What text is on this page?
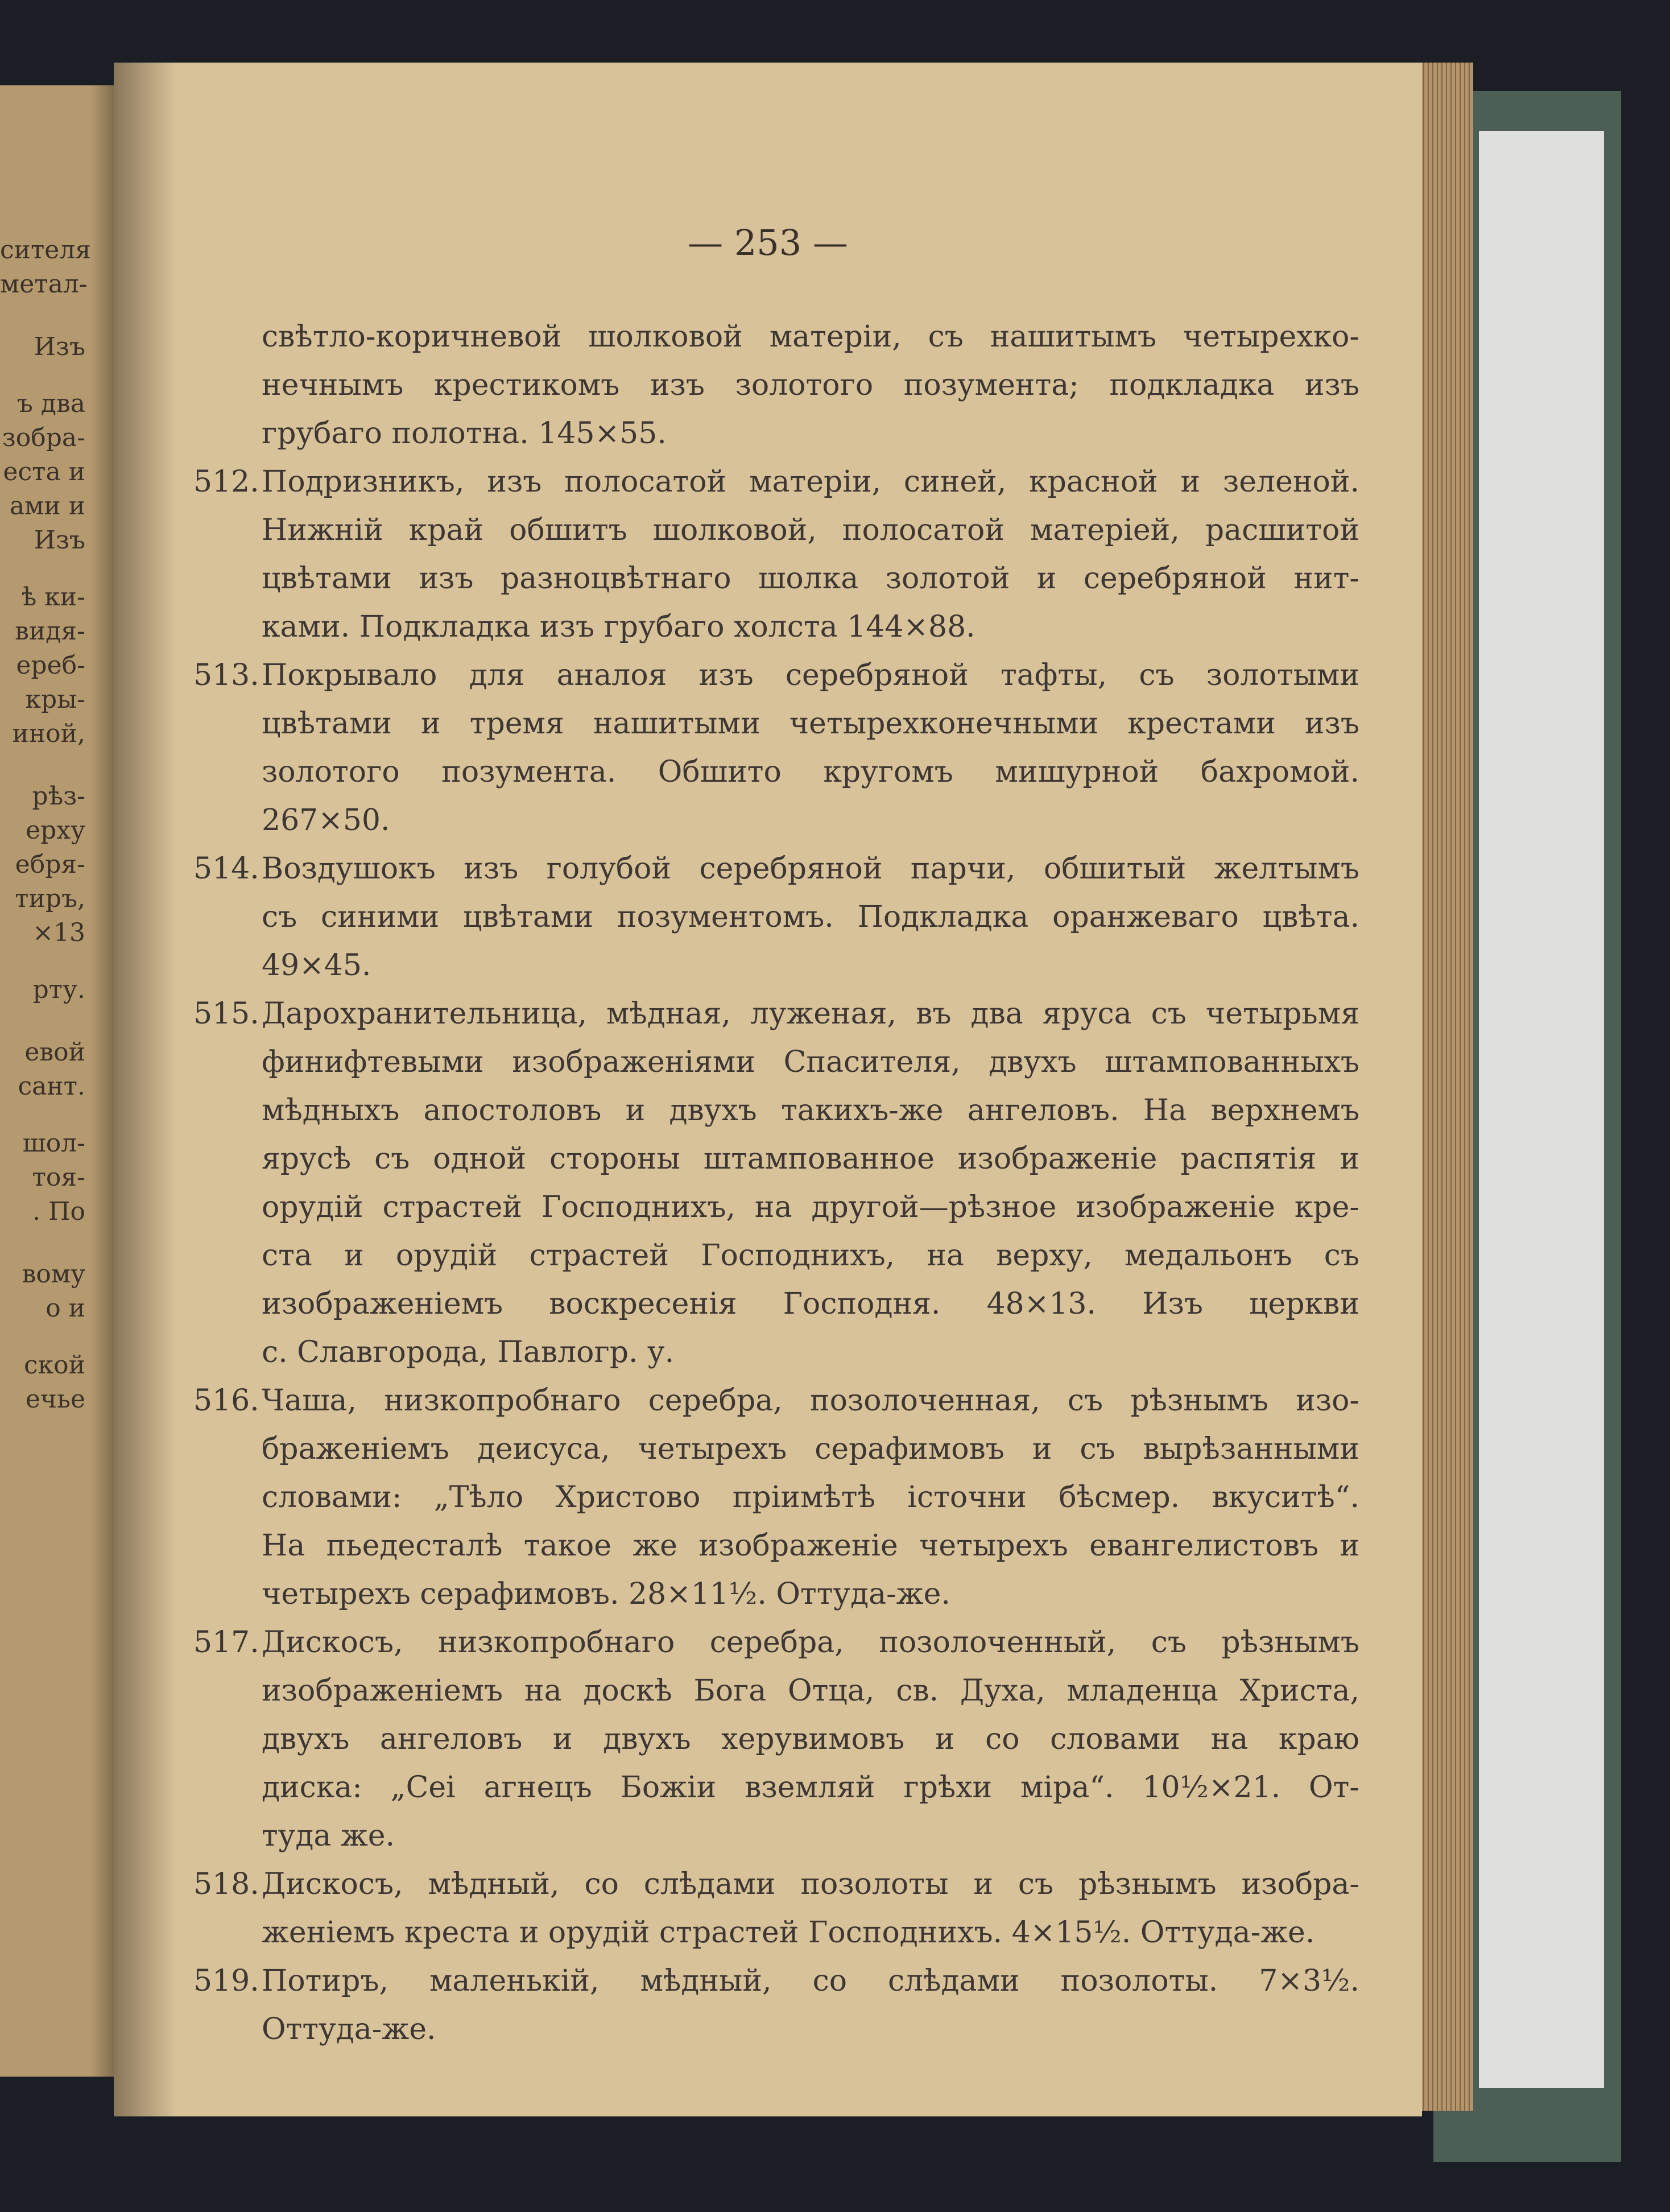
сителя
метал-
Изъ
ъ два
зобра-
еста и
ами и
Изъ
ѣ ки-
видя-
ереб-
кры-
иной,
рѣз-
ерху
ебря-
тиръ,
×13
рту.
евой
сант.
шол-
тоя-
. По
вому
о и
ской
ечье
— 253 —
свѣтло-коричневой шолковой матеріи, съ нашитымъ четырехко-
нечнымъ крестикомъ изъ золотого позумента; подкладка изъ
грубаго полотна. 145×55.
512. Подризникъ, изъ полосатой матеріи, синей, красной и зеленой.
Нижній край обшитъ шолковой, полосатой матеріей, расшитой
цвѣтами изъ разноцвѣтнаго шолка золотой и серебряной нит-
ками. Подкладка изъ грубаго холста 144×88.
513. Покрывало для аналоя изъ серебряной тафты, съ золотыми
цвѣтами и тремя нашитыми четырехконечными крестами изъ
золотого позумента. Обшито кругомъ мишурной бахромой.
267×50.
514. Воздушокъ изъ голубой серебряной парчи, обшитый желтымъ
съ синими цвѣтами позументомъ. Подкладка оранжеваго цвѣта.
49×45.
515. Дарохранительница, мѣдная, луженая, въ два яруса съ четырьмя
финифтевыми изображеніями Спасителя, двухъ штампованныхъ
мѣдныхъ апостоловъ и двухъ такихъ-же ангеловъ. На верхнемъ
ярусѣ съ одной стороны штампованное изображеніе распятія и
орудій страстей Господнихъ, на другой—рѣзное изображеніе кре-
ста и орудій страстей Господнихъ, на верху, медальонъ съ
изображеніемъ воскресенія Господня. 48×13. Изъ церкви
с. Славгорода, Павлогр. у.
516. Чаша, низкопробнаго серебра, позолоченная, съ рѣзнымъ изо-
браженіемъ деисуса, четырехъ серафимовъ и съ вырѣзанными
словами: „Тѣло Христово пріимѣтѣ істочни бѣсмер. вкуситѣ“.
На пьедесталѣ такое же изображеніе четырехъ евангелистовъ и
четырехъ серафимовъ. 28×11½. Оттуда-же.
517. Дискосъ, низкопробнаго серебра, позолоченный, съ рѣзнымъ
изображеніемъ на доскѣ Бога Отца, св. Духа, младенца Христа,
двухъ ангеловъ и двухъ херувимовъ и со словами на краю
диска: „Сеі агнецъ Божіи вземляй грѣхи міра“. 10½×21. От-
туда же.
518. Дискосъ, мѣдный, со слѣдами позолоты и съ рѣзнымъ изобра-
женіемъ креста и орудій страстей Господнихъ. 4×15½. Оттуда-же.
519. Потиръ, маленькій, мѣдный, со слѣдами позолоты. 7×3½.
Оттуда-же.
